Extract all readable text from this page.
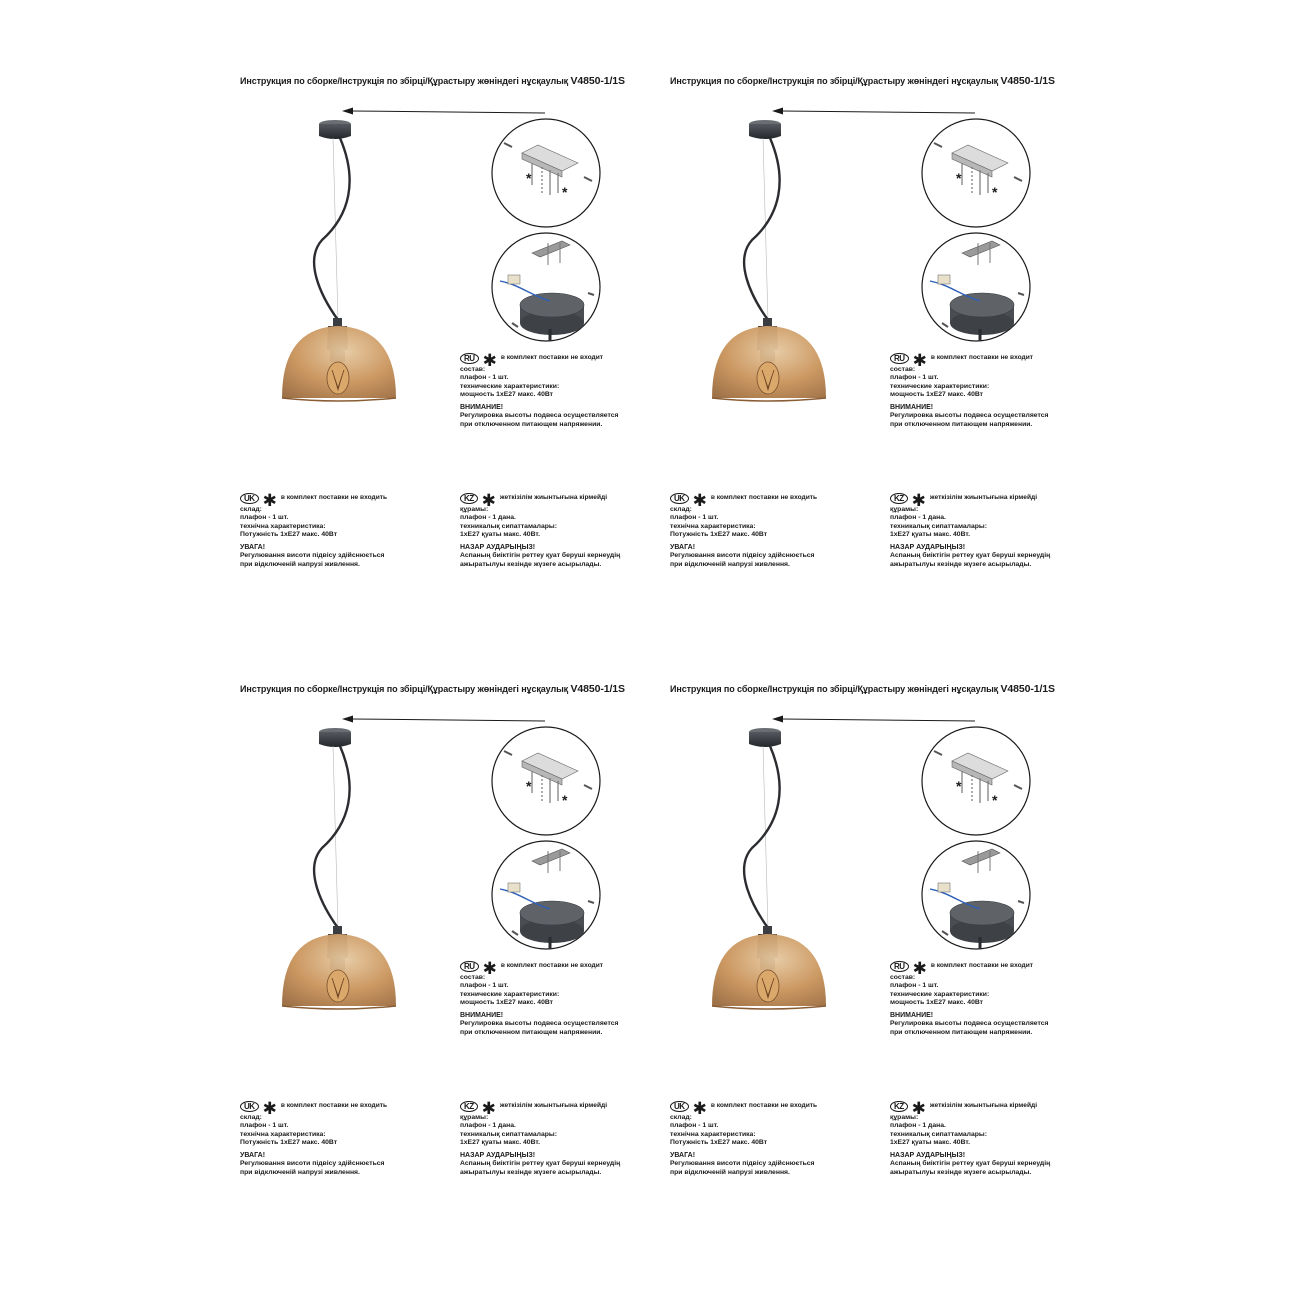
Инструкция по сборке/Інструкція по збірці/Құрастыру жөніндегі нұсқаулық V4850-1/1S
*
*
RU ✱ в комплект поставки не входит
состав:
плафон - 1 шт.
технические характеристики:
мощность 1хЕ27 макс. 40Вт
ВНИМАНИЕ!
Регулировка высоты подвеса осуществляется
при отключенном питающем напряжении.
UK ✱ в комплект поставки не входить
склад:
плафон - 1 шт.
технічна характеристика:
Потужність 1хЕ27 макс. 40Вт
УВАГА!
Регулювання висоти підвісу здійснюється
при відключеній напрузі живлення.
KZ ✱ жеткізілім жиынтығына кірмейді
құрамы:
плафон - 1 дана.
техникалық сипаттамалары:
1хЕ27 қуаты макс. 40Вт.
НАЗАР АУДАРЫҢЫЗ!
Аспаның биіктігін реттеу қуат беруші кернеудің
ажыратылуы кезінде жүзеге асырылады.
Инструкция по сборке/Інструкція по збірці/Құрастыру жөніндегі нұсқаулық V4850-1/1S
*
*
RU ✱ в комплект поставки не входит
состав:
плафон - 1 шт.
технические характеристики:
мощность 1хЕ27 макс. 40Вт
ВНИМАНИЕ!
Регулировка высоты подвеса осуществляется
при отключенном питающем напряжении.
UK ✱ в комплект поставки не входить
склад:
плафон - 1 шт.
технічна характеристика:
Потужність 1хЕ27 макс. 40Вт
УВАГА!
Регулювання висоти підвісу здійснюється
при відключеній напрузі живлення.
KZ ✱ жеткізілім жиынтығына кірмейді
құрамы:
плафон - 1 дана.
техникалық сипаттамалары:
1хЕ27 қуаты макс. 40Вт.
НАЗАР АУДАРЫҢЫЗ!
Аспаның биіктігін реттеу қуат беруші кернеудің
ажыратылуы кезінде жүзеге асырылады.
Инструкция по сборке/Інструкція по збірці/Құрастыру жөніндегі нұсқаулық V4850-1/1S
*
*
RU ✱ в комплект поставки не входит
состав:
плафон - 1 шт.
технические характеристики:
мощность 1хЕ27 макс. 40Вт
ВНИМАНИЕ!
Регулировка высоты подвеса осуществляется
при отключенном питающем напряжении.
UK ✱ в комплект поставки не входить
склад:
плафон - 1 шт.
технічна характеристика:
Потужність 1хЕ27 макс. 40Вт
УВАГА!
Регулювання висоти підвісу здійснюється
при відключеній напрузі живлення.
KZ ✱ жеткізілім жиынтығына кірмейді
құрамы:
плафон - 1 дана.
техникалық сипаттамалары:
1хЕ27 қуаты макс. 40Вт.
НАЗАР АУДАРЫҢЫЗ!
Аспаның биіктігін реттеу қуат беруші кернеудің
ажыратылуы кезінде жүзеге асырылады.
Инструкция по сборке/Інструкція по збірці/Құрастыру жөніндегі нұсқаулық V4850-1/1S
*
*
RU ✱ в комплект поставки не входит
состав:
плафон - 1 шт.
технические характеристики:
мощность 1хЕ27 макс. 40Вт
ВНИМАНИЕ!
Регулировка высоты подвеса осуществляется
при отключенном питающем напряжении.
UK ✱ в комплект поставки не входить
склад:
плафон - 1 шт.
технічна характеристика:
Потужність 1хЕ27 макс. 40Вт
УВАГА!
Регулювання висоти підвісу здійснюється
при відключеній напрузі живлення.
KZ ✱ жеткізілім жиынтығына кірмейді
құрамы:
плафон - 1 дана.
техникалық сипаттамалары:
1хЕ27 қуаты макс. 40Вт.
НАЗАР АУДАРЫҢЫЗ!
Аспаның биіктігін реттеу қуат беруші кернеудің
ажыратылуы кезінде жүзеге асырылады.
